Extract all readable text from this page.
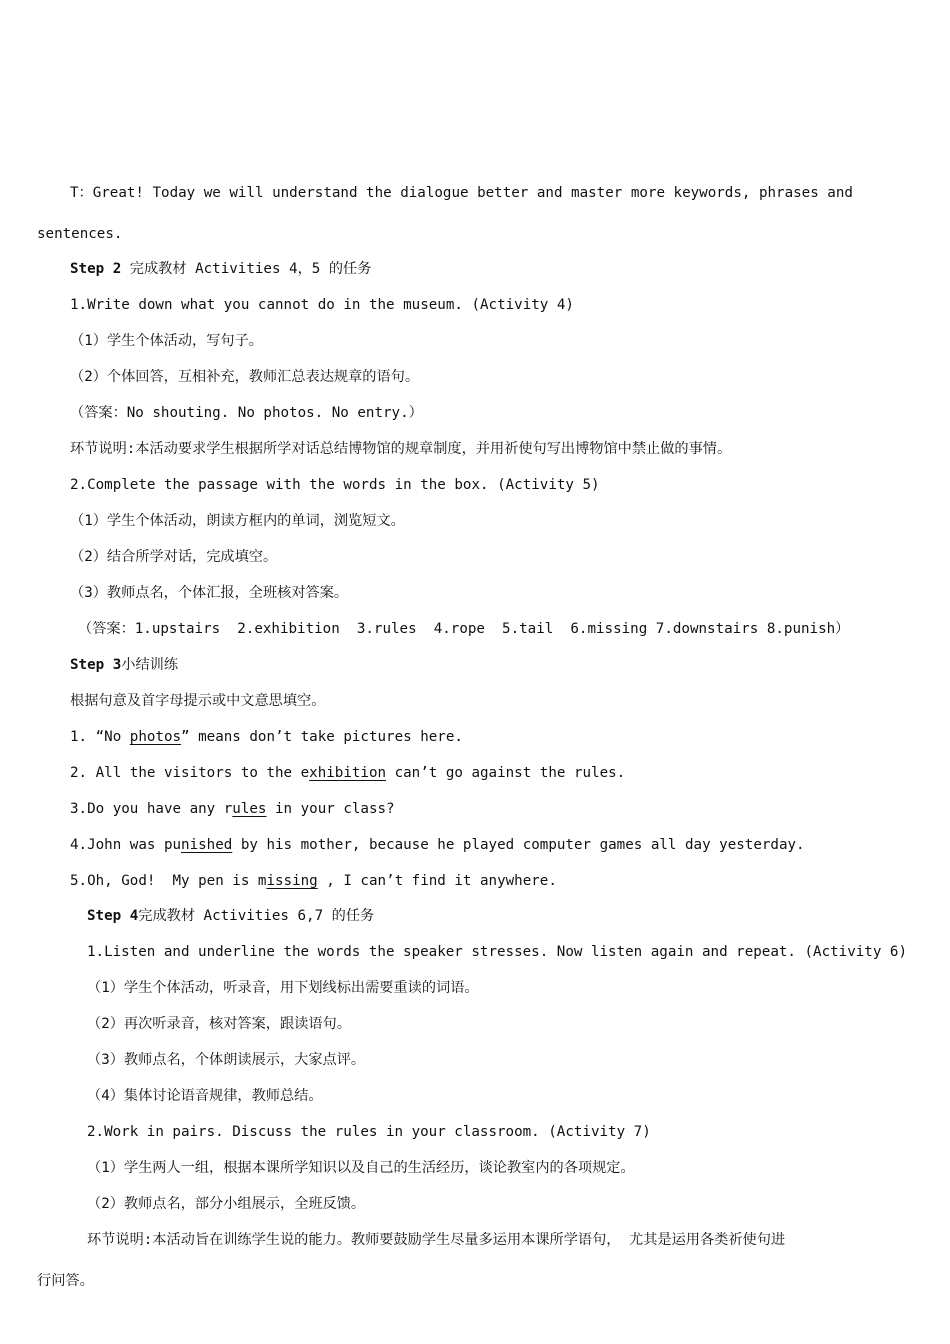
T：Great! Today we will understand the dialogue better and master more keywords, phrases and
sentences.
Step 2 完成教材 Activities 4，5 的任务
1.Write down what you cannot do in the museum. (Activity 4)
（1）学生个体活动，写句子。
（2）个体回答，互相补充，教师汇总表达规章的语句。
（答案：No shouting. No photos. No entry.）
环节说明:本活动要求学生根据所学对话总结博物馆的规章制度，并用祈使句写出博物馆中禁止做的事情。
2.Complete the passage with the words in the box. (Activity 5)
（1）学生个体活动，朗读方框内的单词，浏览短文。
（2）结合所学对话，完成填空。
（3）教师点名，个体汇报，全班核对答案。
（答案：1.upstairs  2.exhibition  3.rules  4.rope  5.tail  6.missing 7.downstairs 8.punish）
Step 3小结训练
根据句意及首字母提示或中文意思填空。
1. “No photos” means don’t take pictures here.
2. All the visitors to the exhibition can’t go against the rules.
3.Do you have any rules in your class?
4.John was punished by his mother, because he played computer games all day yesterday.
5.Oh, God!  My pen is missing , I can’t find it anywhere.
Step 4完成教材 Activities 6,7 的任务
1.Listen and underline the words the speaker stresses. Now listen again and repeat. (Activity 6)
（1）学生个体活动，听录音，用下划线标出需要重读的词语。
（2）再次听录音，核对答案，跟读语句。
（3）教师点名，个体朗读展示，大家点评。
（4）集体讨论语音规律，教师总结。
2.Work in pairs. Discuss the rules in your classroom. (Activity 7)
（1）学生两人一组，根据本课所学知识以及自己的生活经历，谈论教室内的各项规定。
（2）教师点名，部分小组展示，全班反馈。
环节说明:本活动旨在训练学生说的能力。教师要鼓励学生尽量多运用本课所学语句， 尤其是运用各类祈使句进
行问答。
